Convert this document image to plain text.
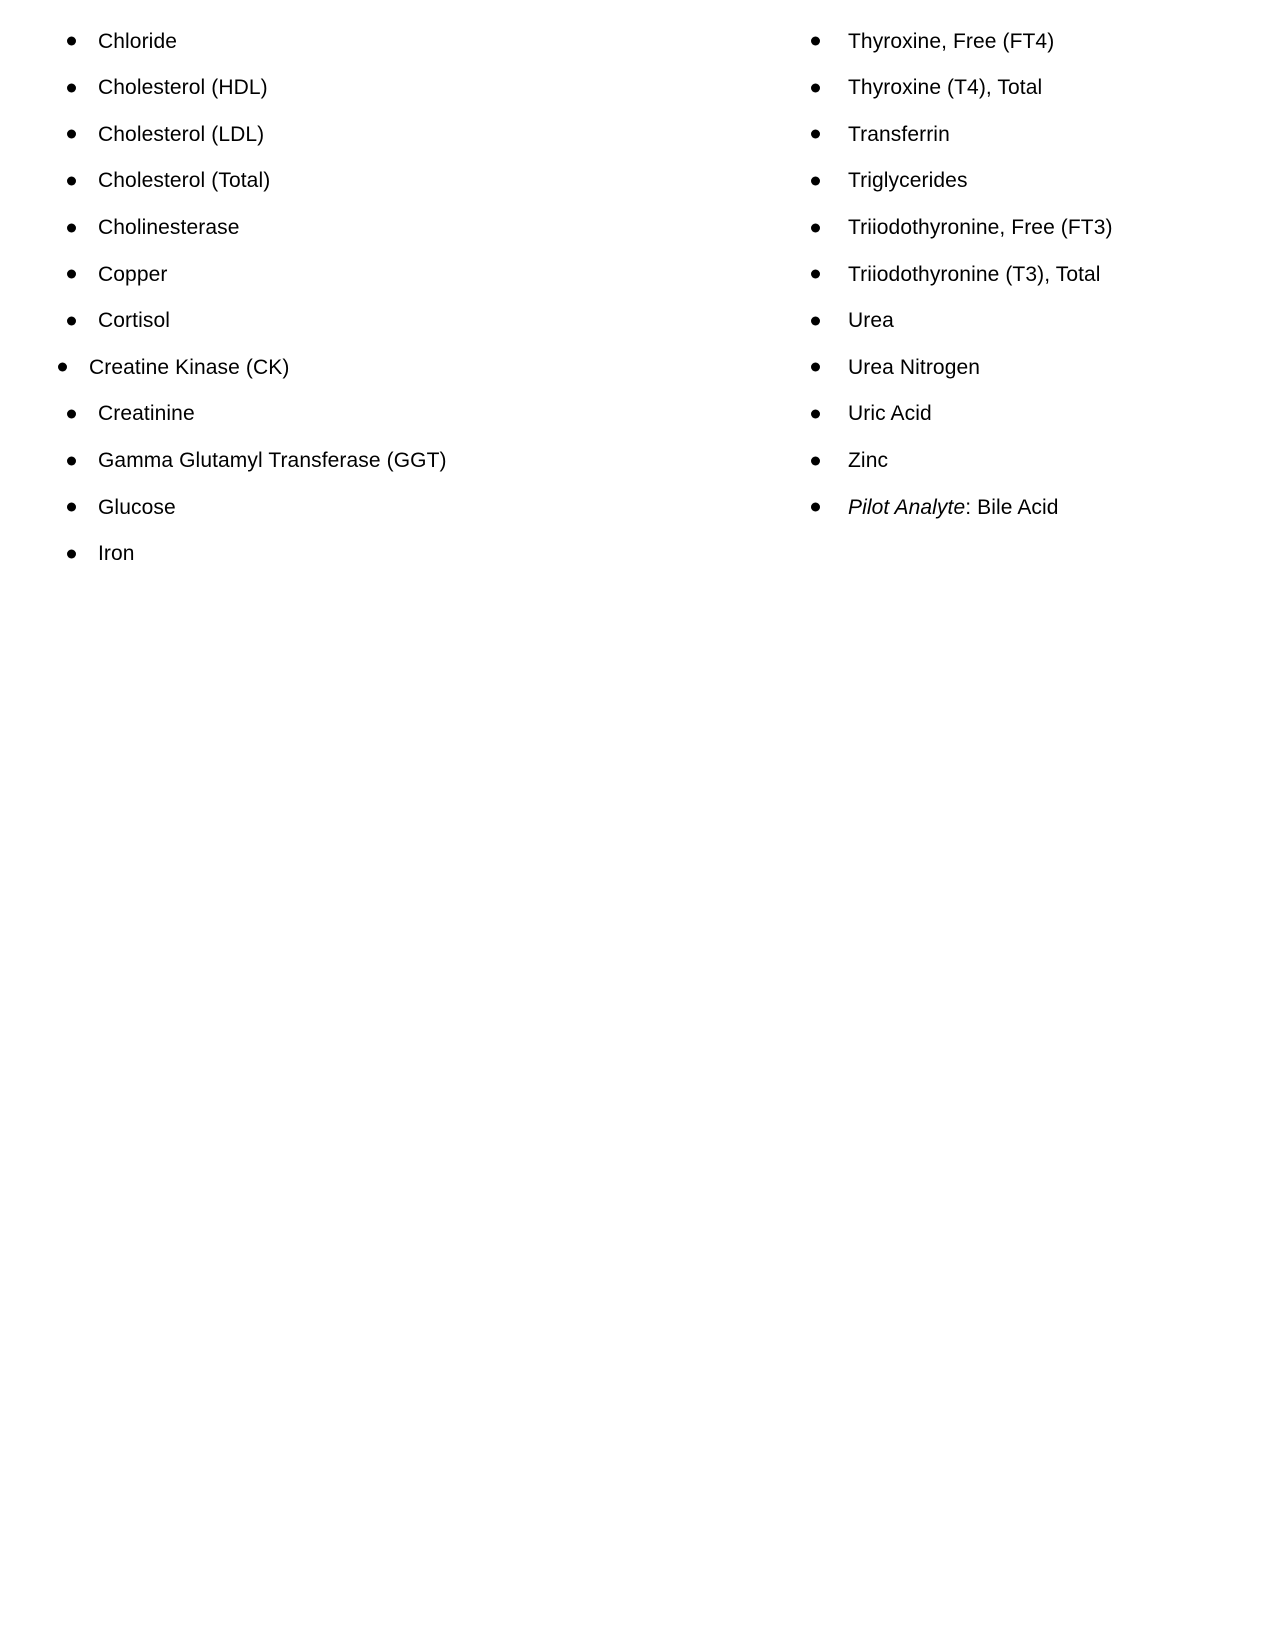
Chloride
Cholesterol (HDL)
Cholesterol (LDL)
Cholesterol (Total)
Cholinesterase
Copper
Cortisol
Creatine Kinase (CK)
Creatinine
Gamma Glutamyl Transferase (GGT)
Glucose
Iron
Thyroxine, Free (FT4)
Thyroxine (T4), Total
Transferrin
Triglycerides
Triiodothyronine, Free (FT3)
Triiodothyronine (T3), Total
Urea
Urea Nitrogen
Uric Acid
Zinc
Pilot Analyte: Bile Acid
